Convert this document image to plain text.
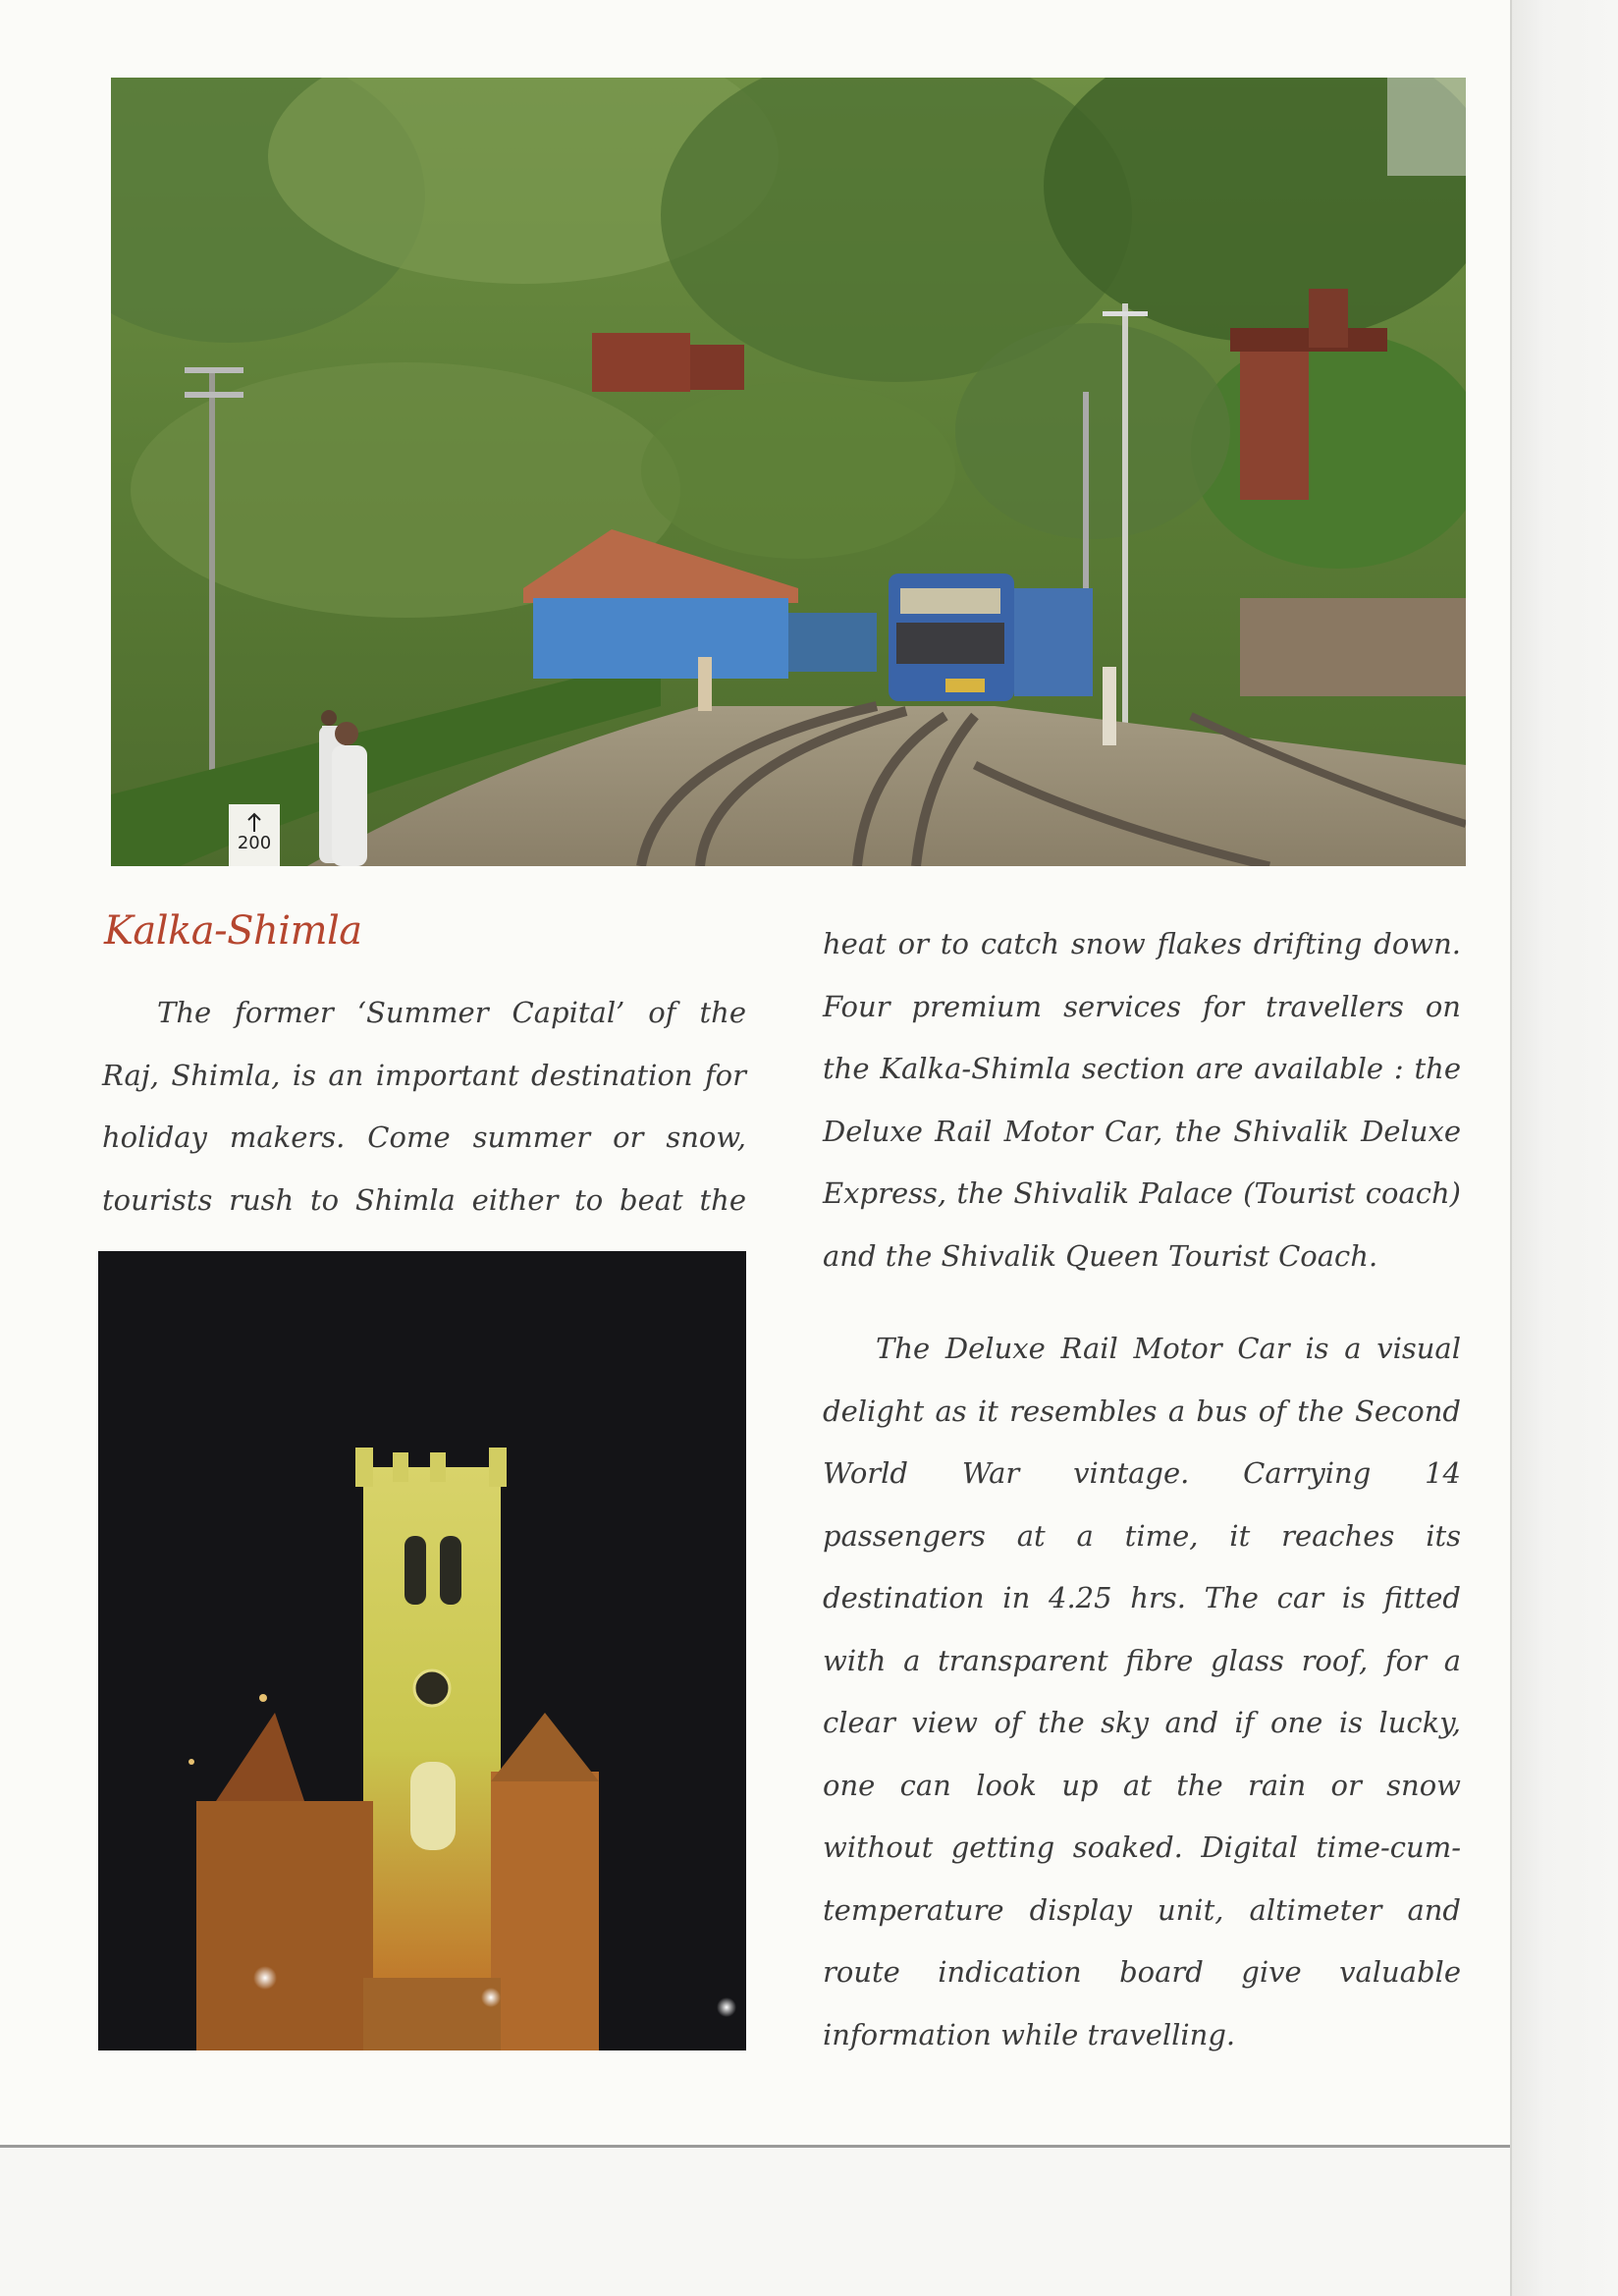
200
Kalka-Shimla
The former ‘Summer Capital’ of the
Raj, Shimla, is an important destination for
holiday makers. Come summer or snow,
tourists rush to Shimla either to beat the
heat or to catch snow flakes drifting down.
Four premium services for travellers on
the Kalka-Shimla section are available : the
Deluxe Rail Motor Car, the Shivalik Deluxe
Express, the Shivalik Palace (Tourist coach)
and the Shivalik Queen Tourist Coach.
The Deluxe Rail Motor Car is a visual
delight as it resembles a bus of the Second
World War vintage. Carrying 14
passengers at a time, it reaches its
destination in 4.25 hrs. The car is fitted
with a transparent fibre glass roof, for a
clear view of the sky and if one is lucky,
one can look up at the rain or snow
without getting soaked. Digital time-cum-
temperature display unit, altimeter and
route indication board give valuable
information while travelling.
